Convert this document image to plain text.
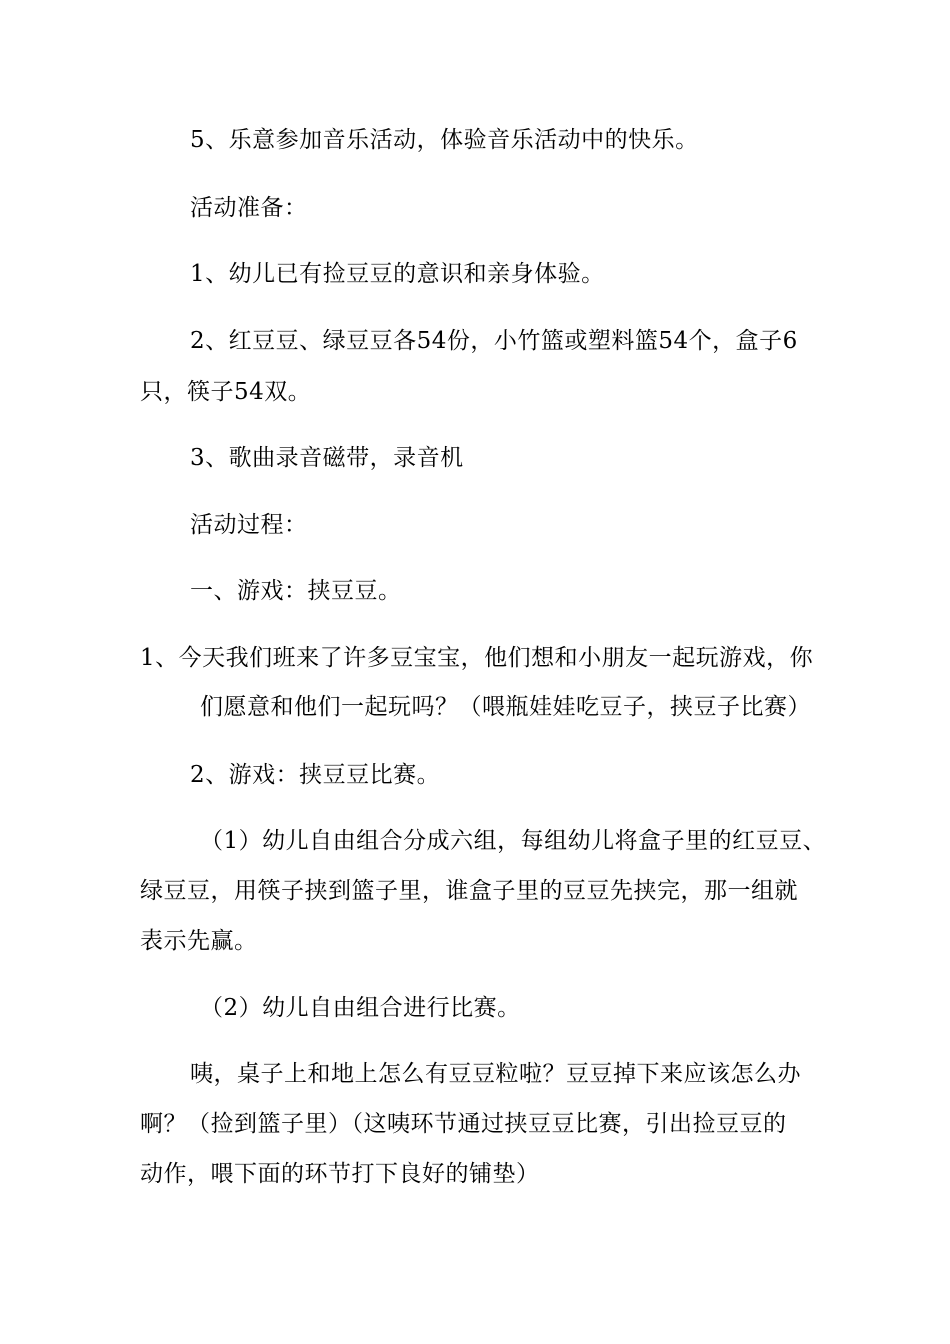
5、乐意参加音乐活动，体验音乐活动中的快乐。
活动准备：
1、幼儿已有捡豆豆的意识和亲身体验。
2、红豆豆、绿豆豆各54份，小竹篮或塑料篮54个，盒子6
只，筷子54双。
3、歌曲录音磁带，录音机
活动过程：
一、游戏：挟豆豆。
1、今天我们班来了许多豆宝宝，他们想和小朋友一起玩游戏，你
们愿意和他们一起玩吗？（喂瓶娃娃吃豆子，挟豆子比赛）
2、游戏：挟豆豆比赛。
（1）幼儿自由组合分成六组，每组幼儿将盒子里的红豆豆、
绿豆豆，用筷子挟到篮子里，谁盒子里的豆豆先挟完，那一组就
表示先赢。
（2）幼儿自由组合进行比赛。
咦，桌子上和地上怎么有豆豆粒啦？豆豆掉下来应该怎么办
啊？（捡到篮子里）（这咦环节通过挟豆豆比赛，引出捡豆豆的
动作，喂下面的环节打下良好的铺垫）
